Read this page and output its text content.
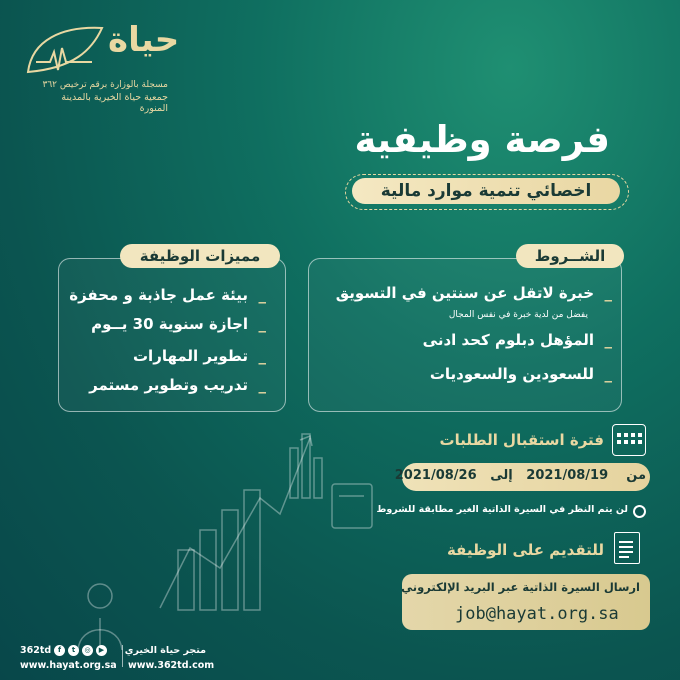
حياة
مسجلة بالوزارة برقم ترخيص ٣٦٢
جمعية حياة الخيرية بالمدينة المنورة
فرصة وظيفية
اخصائي تنمية موارد مالية
مميزات الوظيفة	الشــروط
_  خبرة لاتقل عن سنتين في التسويق
يفضل من لدية خبرة في نفس المجال
_  المؤهل دبلوم كحد ادنى
_  للسعودين والسعوديات
_  بيئة عمل جاذبة و محفزة
_  اجازة سنوية 30 يــوم
_  تطوير المهارات
_  تدريب وتطوير مستمر
فترة استقبال الطلبات
من    2021/08/19   إلى   2021/08/26
لن يتم النظر في السيرة الذاتية الغير مطابقة للشروط
للتقديم على الوظيفة
ارسال السيرة الذاتية عبر البريد الإلكتروني
job@hayat.org.sa
362td f	t	◎	▶
www.hayat.org.sa
متجر حياة الخيري
www.362td.com
